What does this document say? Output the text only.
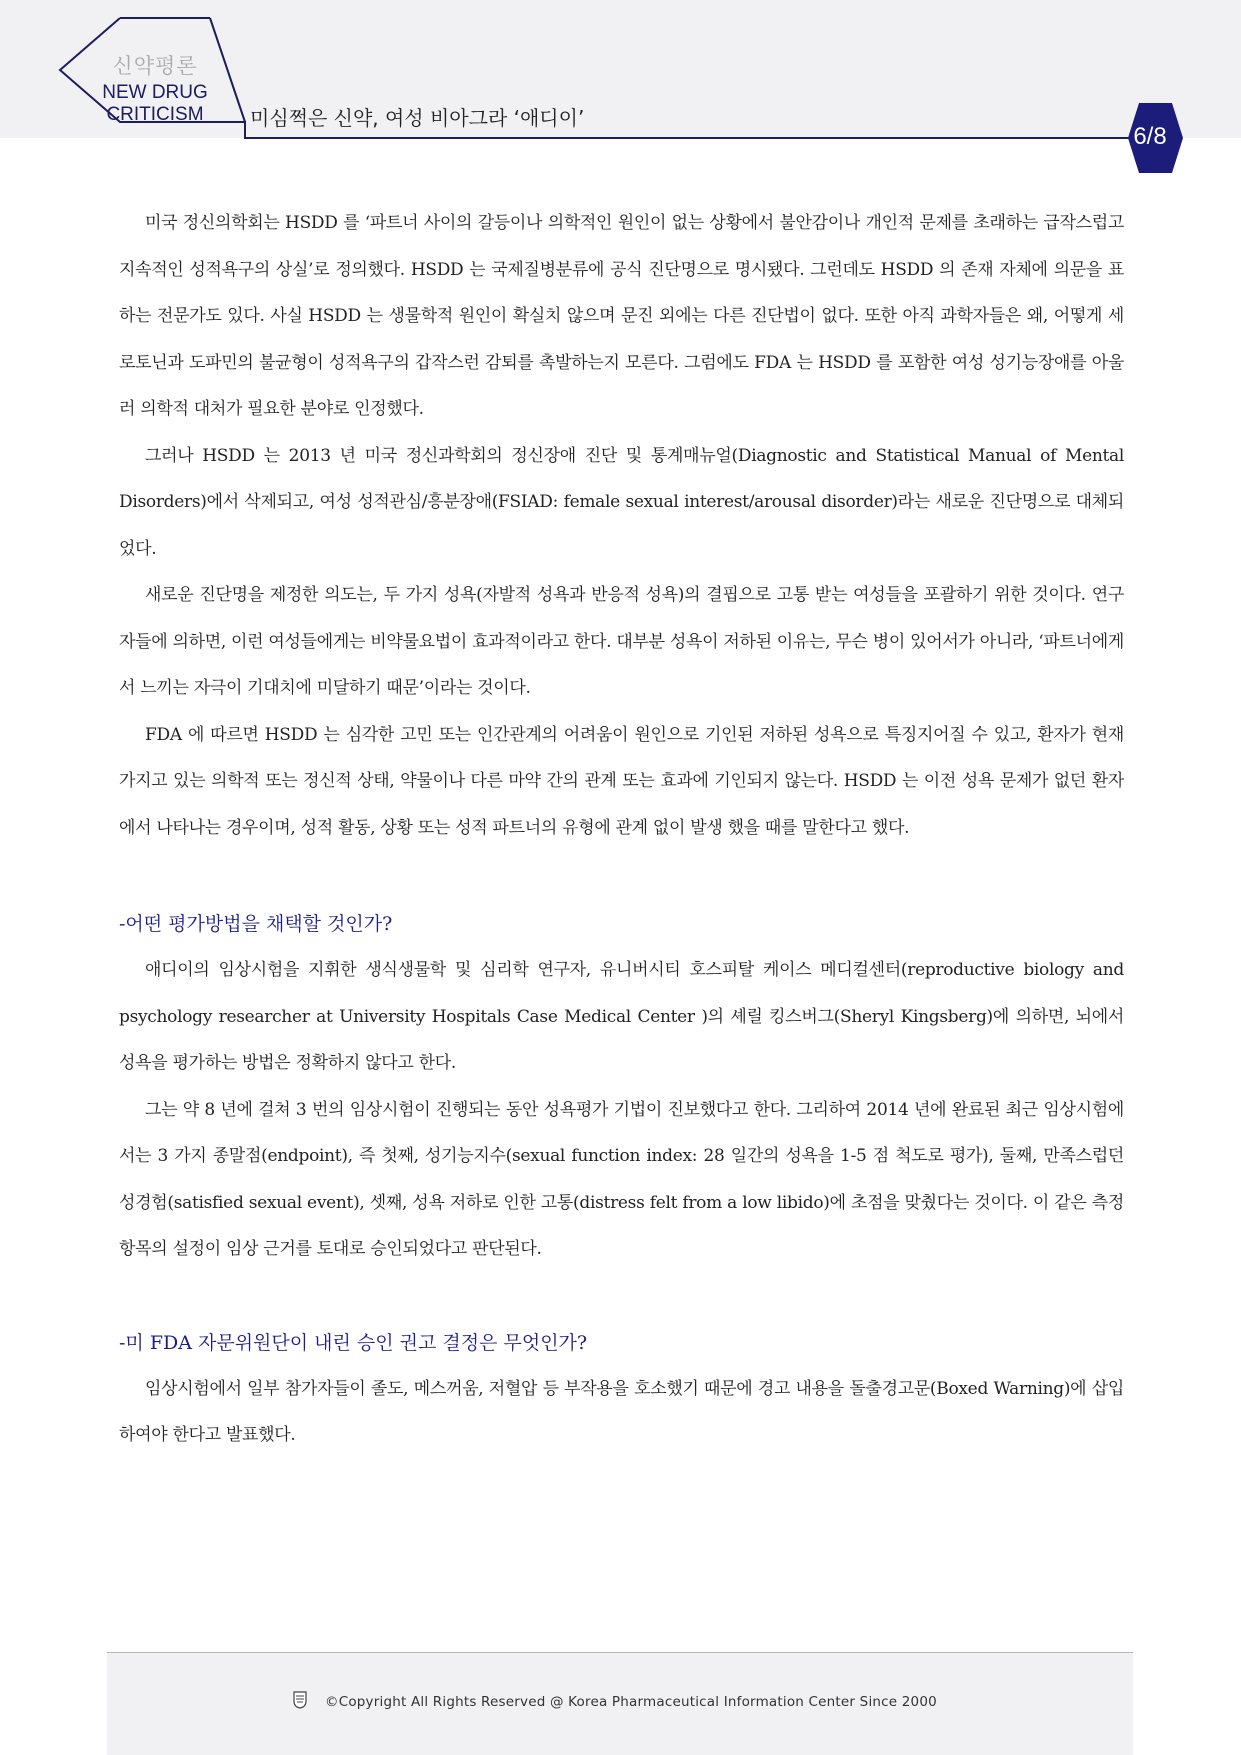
신약평론
NEW DRUG
CRITICISM	미심쩍은 신약, 여성 비아그라 ‘애디이’
6/8

미국 정신의학회는 HSDD 를 ‘파트너 사이의 갈등이나 의학적인 원인이 없는 상황에서 불안감이나 개인적 문제를 초래하는 급작스럽고 지속적인 성적욕구의 상실’로 정의했다. HSDD 는 국제질병분류에 공식 진단명으로 명시됐다. 그런데도 HSDD 의 존재 자체에 의문을 표하는 전문가도 있다. 사실 HSDD 는 생물학적 원인이 확실치 않으며 문진 외에는 다른 진단법이 없다. 또한 아직 과학자들은 왜, 어떻게 세로토닌과 도파민의 불균형이 성적욕구의 갑작스런 감퇴를 촉발하는지 모른다. 그럼에도 FDA 는 HSDD 를 포함한 여성 성기능장애를 아울러 의학적 대처가 필요한 분야로 인정했다.

그러나 HSDD 는 2013 년 미국 정신과학회의 정신장애 진단 및 통계매뉴얼(Diagnostic and Statistical Manual of Mental Disorders)에서 삭제되고, 여성 성적관심/흥분장애(FSIAD: female sexual interest/arousal disorder)라는 새로운 진단명으로 대체되었다.

새로운 진단명을 제정한 의도는, 두 가지 성욕(자발적 성욕과 반응적 성욕)의 결핍으로 고통 받는 여성들을 포괄하기 위한 것이다. 연구자들에 의하면, 이런 여성들에게는 비약물요법이 효과적이라고 한다. 대부분 성욕이 저하된 이유는, 무슨 병이 있어서가 아니라, ‘파트너에게서 느끼는 자극이 기대치에 미달하기 때문’이라는 것이다.

FDA 에 따르면 HSDD 는 심각한 고민 또는 인간관계의 어려움이 원인으로 기인된 저하된 성욕으로 특징지어질 수 있고, 환자가 현재 가지고 있는 의학적 또는 정신적 상태, 약물이나 다른 마약 간의 관계 또는 효과에 기인되지 않는다. HSDD 는 이전 성욕 문제가 없던 환자에서 나타나는 경우이며, 성적 활동, 상황 또는 성적 파트너의 유형에 관계 없이 발생 했을 때를 말한다고 했다.

-어떤 평가방법을 채택할 것인가?

애디이의 임상시험을 지휘한 생식생물학 및 심리학 연구자, 유니버시티 호스피탈 케이스 메디컬센터(reproductive biology and psychology researcher at University Hospitals Case Medical Center )의 셰릴 킹스버그(Sheryl Kingsberg)에 의하면, 뇌에서 성욕을 평가하는 방법은 정확하지 않다고 한다.

그는 약 8 년에 걸쳐 3 번의 임상시험이 진행되는 동안 성욕평가 기법이 진보했다고 한다. 그리하여 2014 년에 완료된 최근 임상시험에서는 3 가지 종말점(endpoint), 즉 첫째, 성기능지수(sexual function index: 28 일간의 성욕을 1-5 점 척도로 평가), 둘째, 만족스럽던 성경험(satisfied sexual event), 셋째, 성욕 저하로 인한 고통(distress felt from a low libido)에 초점을 맞췄다는 것이다. 이 같은 측정 항목의 설정이 임상 근거를 토대로 승인되었다고 판단된다.

-미 FDA 자문위원단이 내린 승인 권고 결정은 무엇인가?

임상시험에서 일부 참가자들이 졸도, 메스꺼움, 저혈압 등 부작용을 호소했기 때문에 경고 내용을 돌출경고문(Boxed Warning)에 삽입하여야 한다고 발표했다.

©Copyright All Rights Reserved @ Korea Pharmaceutical Information Center Since 2000
